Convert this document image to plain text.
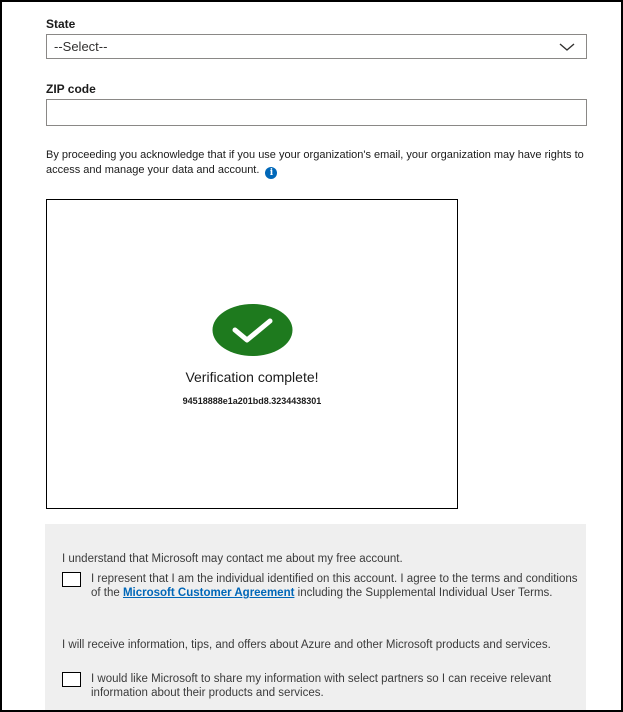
State
--Select--
ZIP code
By proceeding you acknowledge that if you use your organization's email, your organization may have rights to access and manage your data and account. i
Verification complete!
94518888e1a201bd8.3234438301
I understand that Microsoft may contact me about my free account.
I represent that I am the individual identified on this account. I agree to the terms and conditions of the Microsoft Customer Agreement including the Supplemental Individual User Terms.
I will receive information, tips, and offers about Azure and other Microsoft products and services.
I would like Microsoft to share my information with select partners so I can receive relevant information about their products and services.
